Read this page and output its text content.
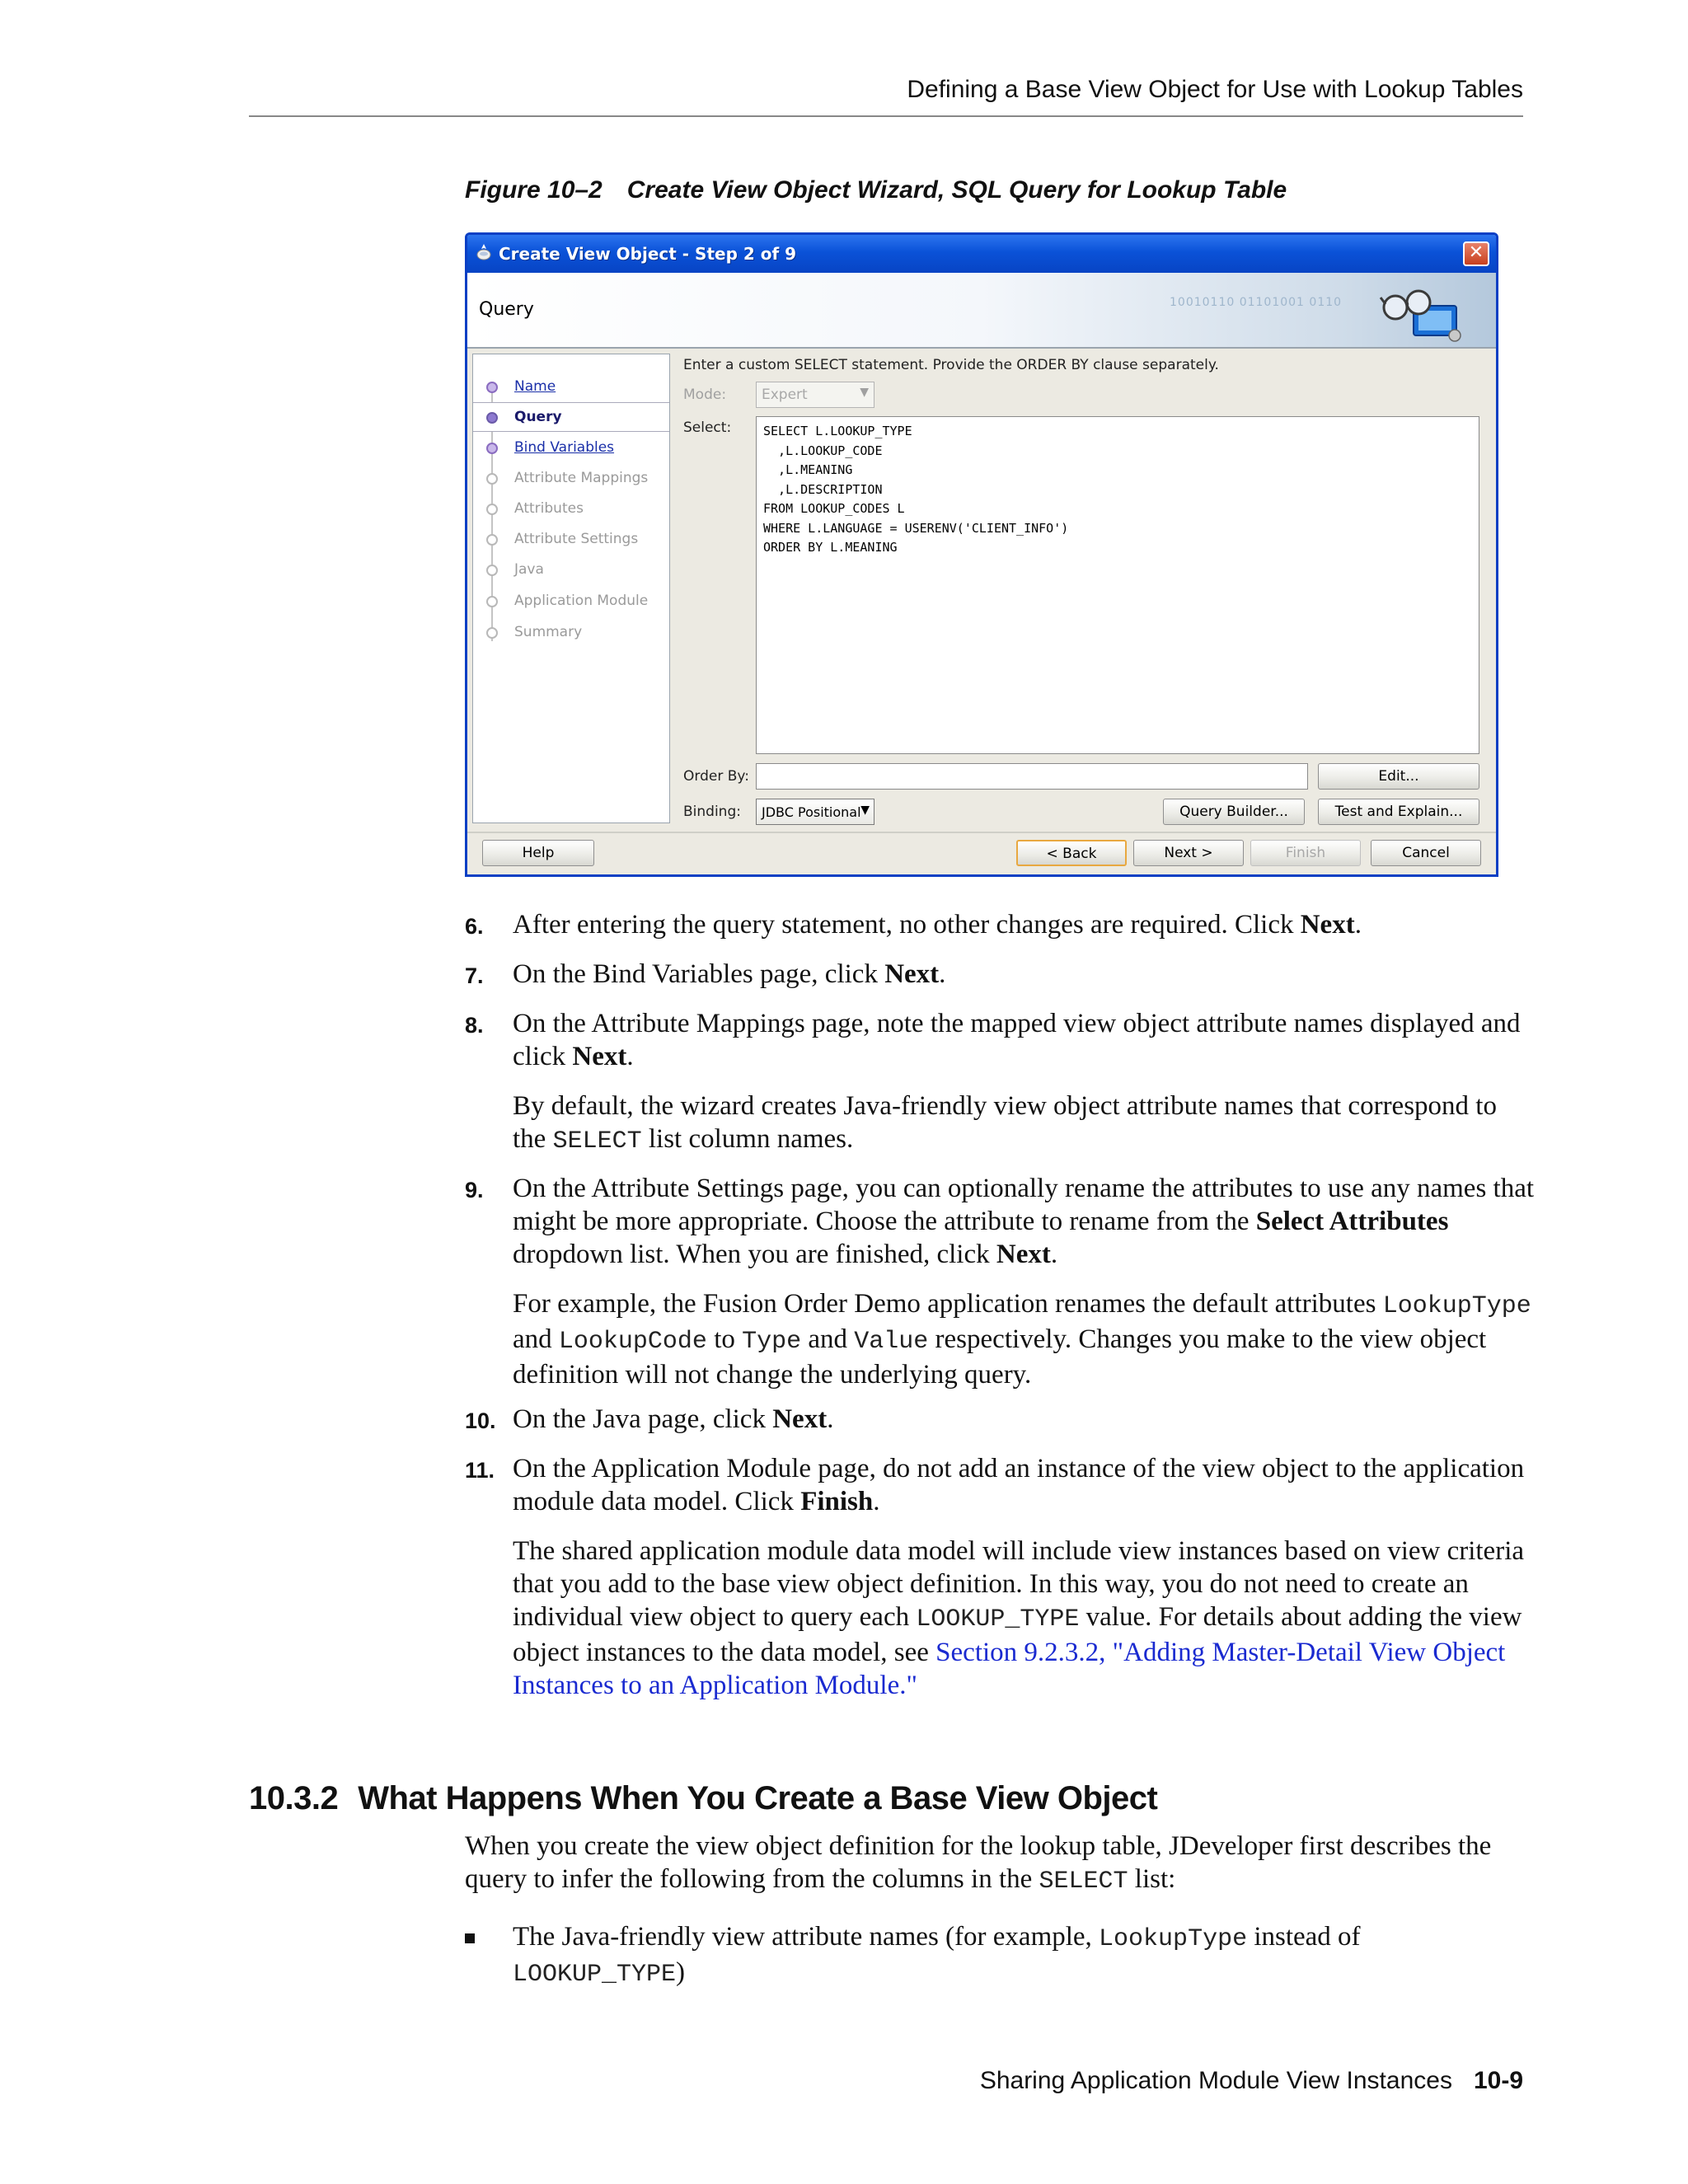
Defining a Base View Object for Use with Lookup Tables
Figure 10–2 Create View Object Wizard, SQL Query for Lookup Table
Create View Object - Step 2 of 9	✕
Query	10010110 01101001 0110
Name
Query
Bind Variables
Attribute Mappings
Attributes
Attribute Settings
Java
Application Module
Summary
Enter a custom SELECT statement. Provide the ORDER BY clause separately.
Mode:	Expert	▼
Select:	SELECT L.LOOKUP_TYPE
,L.LOOKUP_CODE
,L.MEANING
,L.DESCRIPTION
FROM LOOKUP_CODES L
WHERE L.LANGUAGE = USERENV('CLIENT_INFO')
ORDER BY L.MEANING
Order By:	Edit...
Binding:	JDBC Positional ▼	Query Builder...	Test and Explain...
Help	< Back	Next >	Finish	Cancel
6. After entering the query statement, no other changes are required. Click Next.
7. On the Bind Variables page, click Next.
8. On the Attribute Mappings page, note the mapped view object attribute names displayed and click Next.
By default, the wizard creates Java-friendly view object attribute names that correspond to the SELECT list column names.
9. On the Attribute Settings page, you can optionally rename the attributes to use any names that might be more appropriate. Choose the attribute to rename from the Select Attributes dropdown list. When you are finished, click Next.
For example, the Fusion Order Demo application renames the default attributes LookupType and LookupCode to Type and Value respectively. Changes you make to the view object definition will not change the underlying query.
10. On the Java page, click Next.
11. On the Application Module page, do not add an instance of the view object to the application module data model. Click Finish.
The shared application module data model will include view instances based on view criteria that you add to the base view object definition. In this way, you do not need to create an individual view object to query each LOOKUP_TYPE value. For details about adding the view object instances to the data model, see Section 9.2.3.2, "Adding Master-Detail View Object Instances to an Application Module."
10.3.2 What Happens When You Create a Base View Object
When you create the view object definition for the lookup table, JDeveloper first describes the query to infer the following from the columns in the SELECT list:
The Java-friendly view attribute names (for example, LookupType instead of LOOKUP_TYPE)
Sharing Application Module View Instances 10-9
